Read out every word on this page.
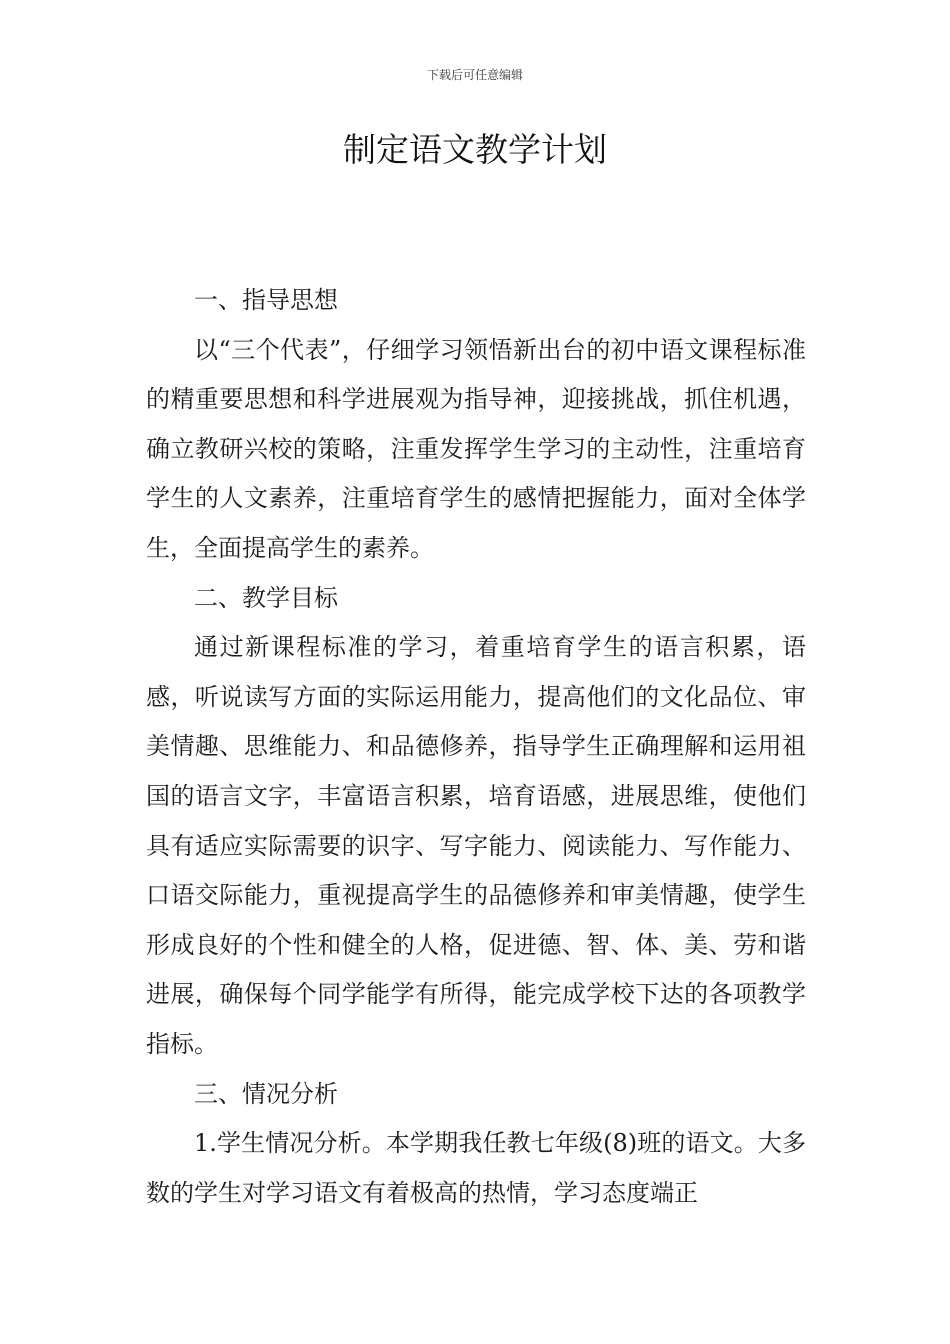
下载后可任意编辑
制定语文教学计划

一、指导思想

以“三个代表”，仔细学习领悟新出台的初中语文课程标准的精重要思想和科学进展观为指导神，迎接挑战，抓住机遇，确立教研兴校的策略，注重发挥学生学习的主动性，注重培育学生的人文素养，注重培育学生的感情把握能力，面对全体学生，全面提高学生的素养。

二、教学目标

通过新课程标准的学习，着重培育学生的语言积累，语感，听说读写方面的实际运用能力，提高他们的文化品位、审美情趣、思维能力、和品德修养，指导学生正确理解和运用祖国的语言文字，丰富语言积累，培育语感，进展思维，使他们具有适应实际需要的识字、写字能力、阅读能力、写作能力、口语交际能力，重视提高学生的品德修养和审美情趣，使学生形成良好的个性和健全的人格，促进德、智、体、美、劳和谐进展，确保每个同学能学有所得，能完成学校下达的各项教学指标。

三、情况分析

1.学生情况分析。本学期我任教七年级(8)班的语文。大多数的学生对学习语文有着极高的热情，学习态度端正
